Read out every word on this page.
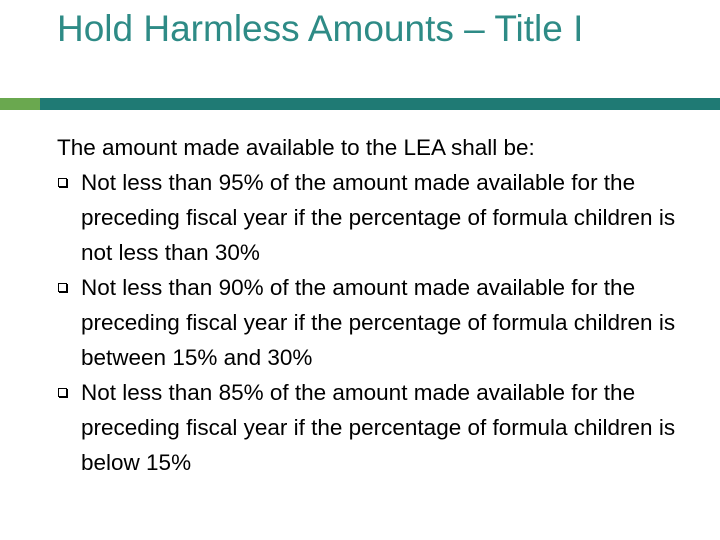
Hold Harmless Amounts – Title I

The amount made available to the LEA shall be:

Not less than 95% of the amount made available for the preceding fiscal year if the percentage of formula children is not less than 30%
Not less than 90% of the amount made available for the preceding fiscal year if the percentage of formula children is between 15% and 30%
Not less than 85% of the amount made available for the preceding fiscal year if the percentage of formula children is below 15%
